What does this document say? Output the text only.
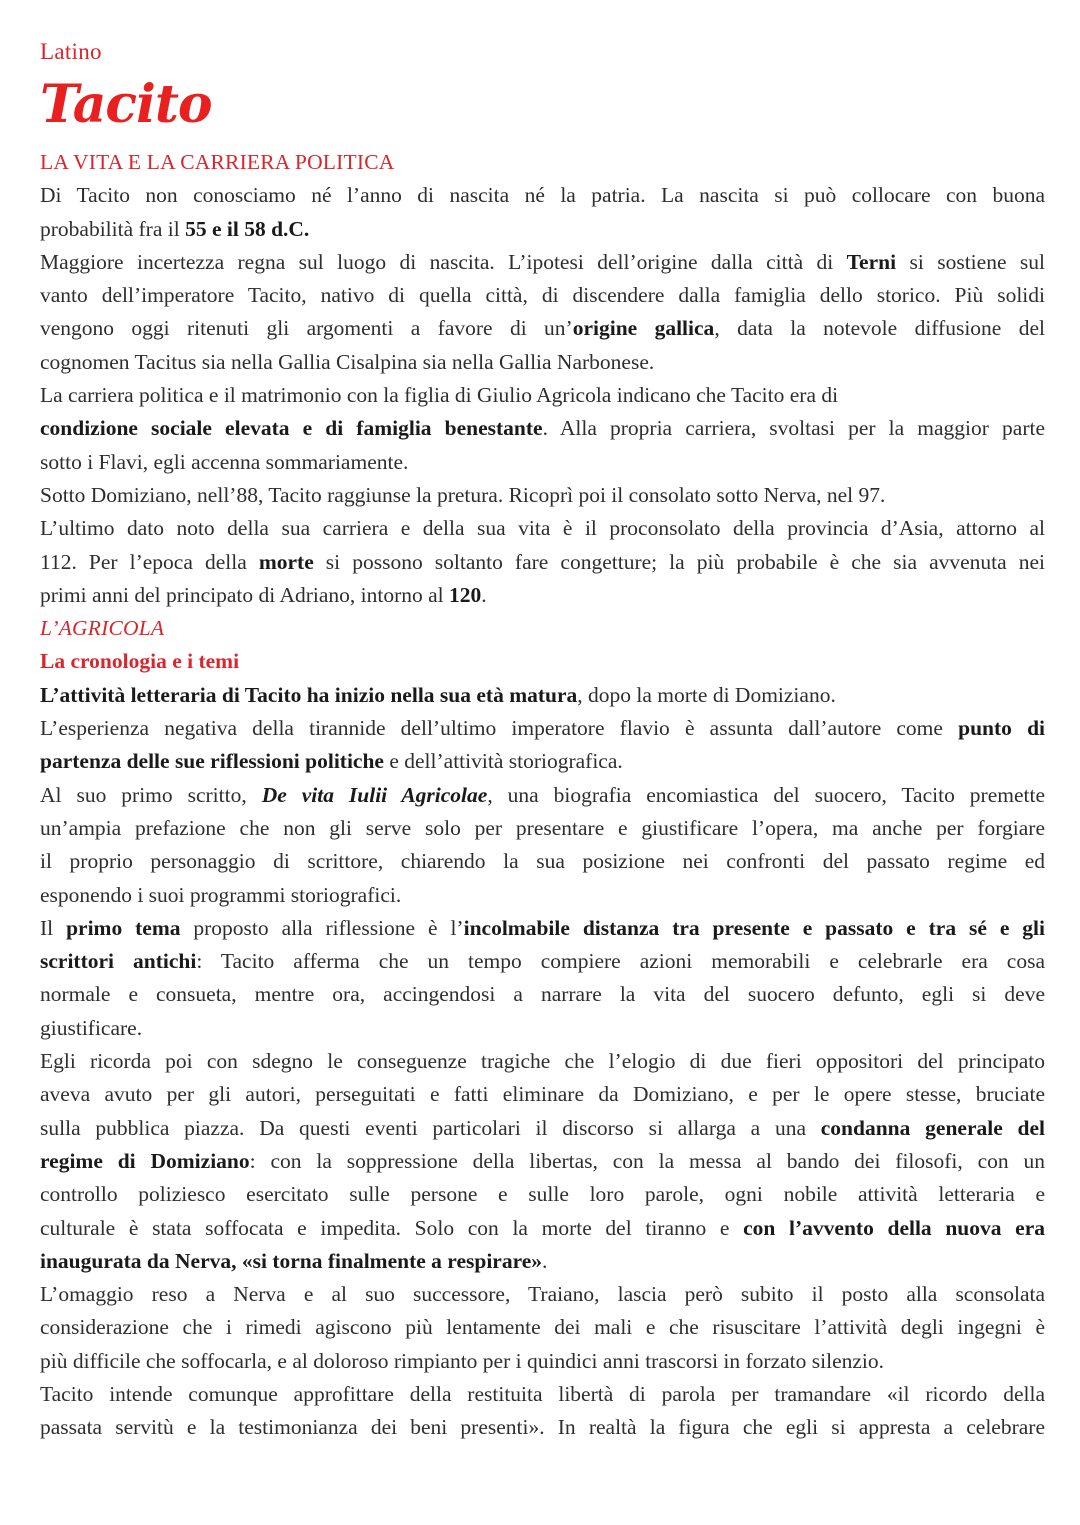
Latino
Tacito
LA VITA E LA CARRIERA POLITICA
Di Tacito non conosciamo né l’anno di nascita né la patria. La nascita si può collocare con buona
probabilità fra il 55 e il 58 d.C.
Maggiore incertezza regna sul luogo di nascita. L’ipotesi dell’origine dalla città di Terni si sostiene sul
vanto dell’imperatore Tacito, nativo di quella città, di discendere dalla famiglia dello storico. Più solidi
vengono oggi ritenuti gli argomenti a favore di un’origine gallica, data la notevole diffusione del
cognomen Tacitus sia nella Gallia Cisalpina sia nella Gallia Narbonese.
La carriera politica e il matrimonio con la figlia di Giulio Agricola indicano che Tacito era di
condizione sociale elevata e di famiglia benestante. Alla propria carriera, svoltasi per la maggior parte
sotto i Flavi, egli accenna sommariamente.
Sotto Domiziano, nell’88, Tacito raggiunse la pretura. Ricoprì poi il consolato sotto Nerva, nel 97.
L’ultimo dato noto della sua carriera e della sua vita è il proconsolato della provincia d’Asia, attorno al
112. Per l’epoca della morte si possono soltanto fare congetture; la più probabile è che sia avvenuta nei
primi anni del principato di Adriano, intorno al 120.
L’AGRICOLA
La cronologia e i temi
L’attività letteraria di Tacito ha inizio nella sua età matura, dopo la morte di Domiziano.
L’esperienza negativa della tirannide dell’ultimo imperatore flavio è assunta dall’autore come punto di
partenza delle sue riflessioni politiche e dell’attività storiografica.
Al suo primo scritto, De vita Iulii Agricolae, una biografia encomiastica del suocero, Tacito premette
un’ampia prefazione che non gli serve solo per presentare e giustificare l’opera, ma anche per forgiare
il proprio personaggio di scrittore, chiarendo la sua posizione nei confronti del passato regime ed
esponendo i suoi programmi storiografici.
Il primo tema proposto alla riflessione è l’incolmabile distanza tra presente e passato e tra sé e gli
scrittori antichi: Tacito afferma che un tempo compiere azioni memorabili e celebrarle era cosa
normale e consueta, mentre ora, accingendosi a narrare la vita del suocero defunto, egli si deve
giustificare.
Egli ricorda poi con sdegno le conseguenze tragiche che l’elogio di due fieri oppositori del principato
aveva avuto per gli autori, perseguitati e fatti eliminare da Domiziano, e per le opere stesse, bruciate
sulla pubblica piazza. Da questi eventi particolari il discorso si allarga a una condanna generale del
regime di Domiziano: con la soppressione della libertas, con la messa al bando dei filosofi, con un
controllo poliziesco esercitato sulle persone e sulle loro parole, ogni nobile attività letteraria e
culturale è stata soffocata e impedita. Solo con la morte del tiranno e con l’avvento della nuova era
inaugurata da Nerva, «si torna finalmente a respirare».
L’omaggio reso a Nerva e al suo successore, Traiano, lascia però subito il posto alla sconsolata
considerazione che i rimedi agiscono più lentamente dei mali e che risuscitare l’attività degli ingegni è
più difficile che soffocarla, e al doloroso rimpianto per i quindici anni trascorsi in forzato silenzio.
Tacito intende comunque approfittare della restituita libertà di parola per tramandare «il ricordo della
passata servitù e la testimonianza dei beni presenti». In realtà la figura che egli si appresta a celebrare
